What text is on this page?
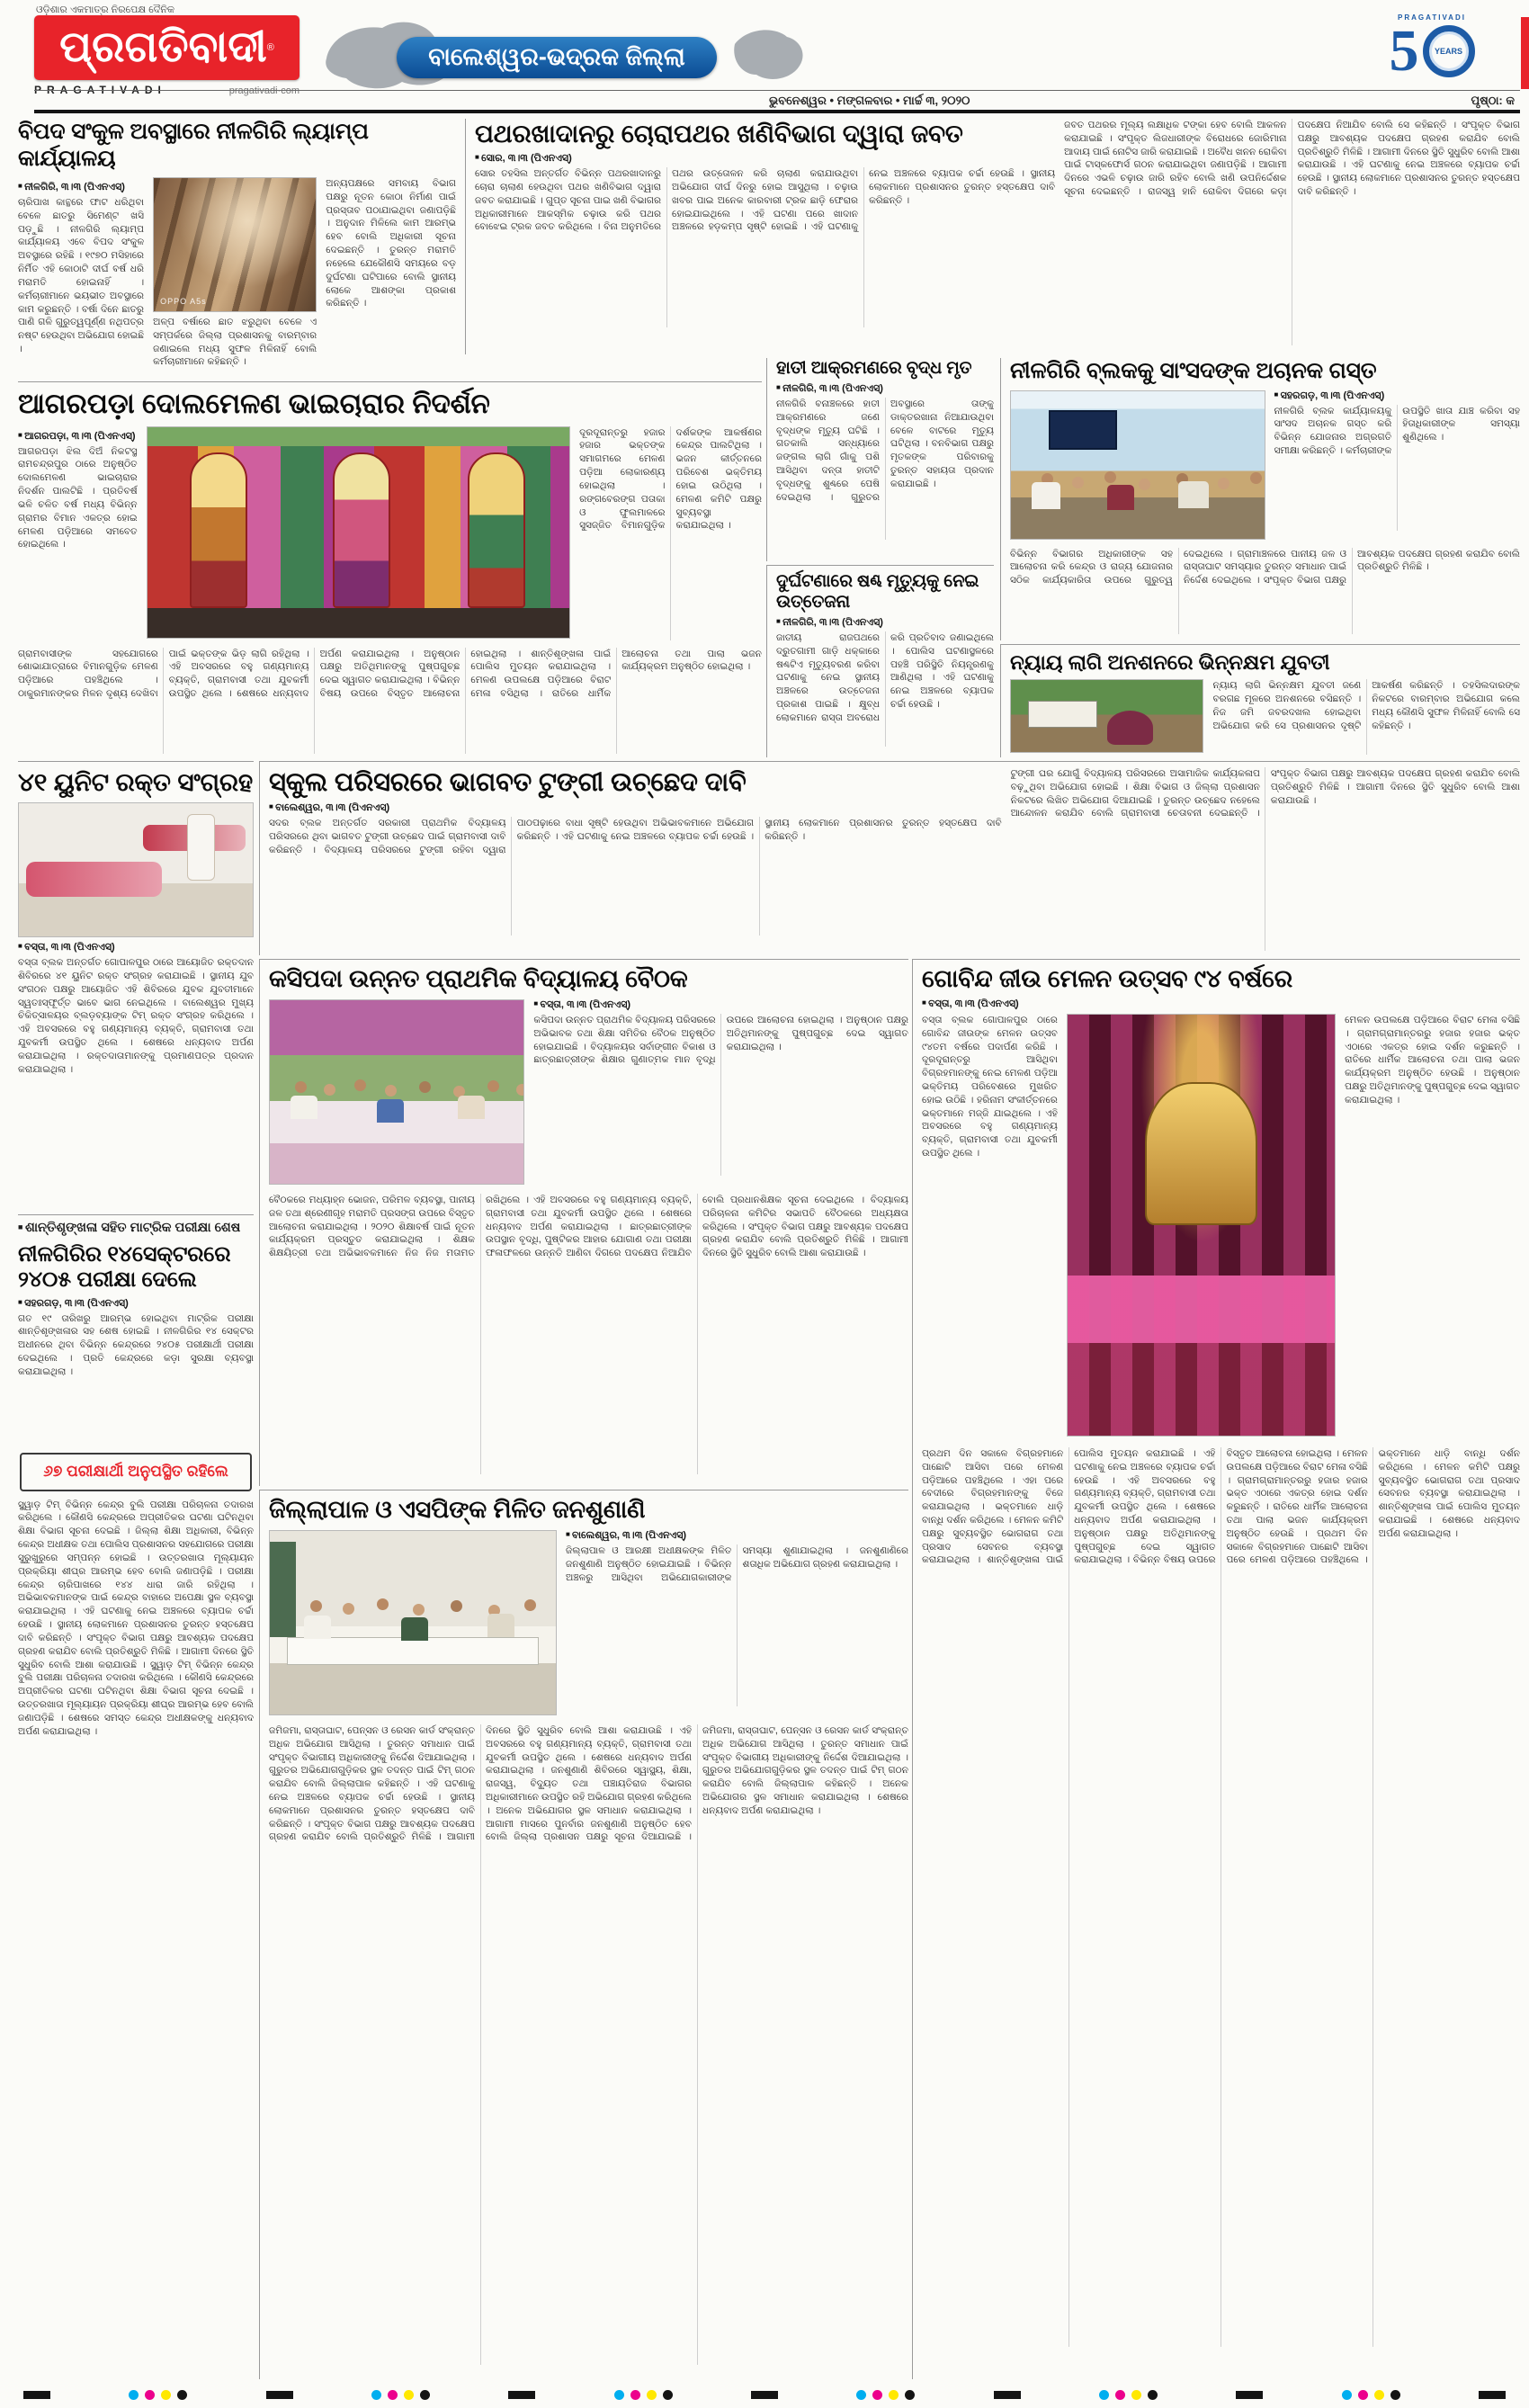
ଓଡ଼ିଶାର ଏକମାତ୍ର ନିରପେକ୍ଷ ଦୈନିକ
ପ୍ରଗତିବାଦୀ ®
PRAGATIVADI	pragativadi·com
ବାଲେଶ୍ୱର-ଭଦ୍ରକ ଜିଲ୍ଲା
PRAGATIVADI
5 YEARS
ଭୁବନେଶ୍ୱର • ମଙ୍ଗଳବାର • ମାର୍ଚ୍ଚ ୩, ୨୦୨୦	ପୃଷ୍ଠା: କ
ବିପଦ ସଂକୁଳ ଅବସ୍ଥାରେ ନୀଳଗିରି ଲ୍ୟାମ୍ପ କାର୍ଯ୍ୟାଳୟ
■ ନୀଳଗିରି, ୩।୩ (ପିଏନଏସ୍)
ଚାରିପାଖ କାନ୍ଥରେ ଫାଟ ଧରିଥିବା ବେଳେ ଛାତରୁ ସିମେଣ୍ଟ ଖସି ପଡ଼ୁଛି । ନୀଳଗିରି ଲ୍ୟାମ୍ପ କାର୍ଯ୍ୟାଳୟ ଏବେ ବିପଦ ସଂକୁଳ ଅବସ୍ଥାରେ ରହିଛି । ୧୯୭୦ ମସିହାରେ ନିର୍ମିତ ଏହି କୋଠାଟି ଦୀର୍ଘ ବର୍ଷ ଧରି ମରାମତି ହୋଇନାହିଁ । କର୍ମଚାରୀମାନେ ଭୟଭୀତ ଅବସ୍ଥାରେ କାମ କରୁଛନ୍ତି । ବର୍ଷା ଦିନେ ଛାତରୁ ପାଣି ଗଳି ଗୁରୁତ୍ୱପୂର୍ଣ୍ଣ ନଥିପତ୍ର ନଷ୍ଟ ହେଉଥିବା ଅଭିଯୋଗ ହୋଇଛି ।
OPPO A5s
ଅଳ୍ପ ବର୍ଷାରେ ଛାତ ଝରୁଥିବା ବେଳେ ଏ ସମ୍ପର୍କରେ ଜିଲ୍ଲା ପ୍ରଶାସନକୁ ବାରମ୍ବାର ଜଣାଇଲେ ମଧ୍ୟ ସୁଫଳ ମିଳିନାହିଁ ବୋଲି କର୍ମଚାରୀମାନେ କହିଛନ୍ତି ।
ଅନ୍ୟପକ୍ଷରେ ସମବାୟ ବିଭାଗ ପକ୍ଷରୁ ନୂତନ କୋଠା ନିର୍ମାଣ ପାଇଁ ପ୍ରସ୍ତାବ ପଠାଯାଇଥିବା ଜଣାପଡ଼ିଛି । ଅନୁଦାନ ମିଳିଲେ କାମ ଆରମ୍ଭ ହେବ ବୋଲି ଅଧିକାରୀ ସୂଚନା ଦେଇଛନ୍ତି । ତୁରନ୍ତ ମରାମତି ନହେଲେ ଯେକୌଣସି ସମୟରେ ବଡ଼ ଦୁର୍ଘଟଣା ଘଟିପାରେ ବୋଲି ସ୍ଥାନୀୟ ଲୋକେ ଆଶଙ୍କା ପ୍ରକାଶ କରିଛନ୍ତି ।
ପଥରଖାଦାନରୁ ଚୋରାପଥର ଖଣିବିଭାଗ ଦ୍ୱାରା ଜବତ
■ ସୋର, ୩।୩ (ପିଏନଏସ୍)
ସୋର ତହସିଲ ଅନ୍ତର୍ଗତ ବିଭିନ୍ନ ପଥରଖାଦାନରୁ ଚୋରା ଚାଲାଣ ହେଉଥିବା ପଥର ଖଣିବିଭାଗ ଦ୍ୱାରା ଜବତ କରାଯାଇଛି । ଗୁପ୍ତ ସୂଚନା ପାଇ ଖଣି ବିଭାଗର ଅଧିକାରୀମାନେ ଆକସ୍ମିକ ଚଢ଼ାଉ କରି ପଥର ବୋଝେଇ ଟ୍ରକ ଜବତ କରିଥିଲେ । ବିନା ଅନୁମତିରେ ପଥର ଉତ୍ତୋଳନ କରି ଚାଲାଣ କରାଯାଉଥିବା ଅଭିଯୋଗ ଦୀର୍ଘ ଦିନରୁ ହୋଇ ଆସୁଥିଲା । ଚଢ଼ାଉ ଖବର ପାଇ ଅନେକ କାରବାରୀ ଟ୍ରକ ଛାଡ଼ି ଫେରାର ହୋଇଯାଇଥିଲେ । ଏହି ଘଟଣା ପରେ ଖାଦାନ ଅଞ୍ଚଳରେ ହଡ଼କମ୍ପ ସୃଷ୍ଟି ହୋଇଛି । ଏହି ଘଟଣାକୁ ନେଇ ଅଞ୍ଚଳରେ ବ୍ୟାପକ ଚର୍ଚ୍ଚା ହେଉଛି । ସ୍ଥାନୀୟ ଲୋକମାନେ ପ୍ରଶାସନର ତୁରନ୍ତ ହସ୍ତକ୍ଷେପ ଦାବି କରିଛନ୍ତି ।
ଜବତ ପଥରର ମୂଲ୍ୟ ଲକ୍ଷାଧିକ ଟଙ୍କା ହେବ ବୋଲି ଆକଳନ କରାଯାଇଛି । ସଂପୃକ୍ତ ଲିଜଧାରୀଙ୍କ ବିରୋଧରେ ଜୋରିମାନା ଆଦାୟ ପାଇଁ ନୋଟିସ ଜାରି କରାଯାଇଛି । ଅବୈଧ ଖନନ ରୋକିବା ପାଇଁ ଟାସ୍କଫୋର୍ସ ଗଠନ କରାଯାଇଥିବା ଜଣାପଡ଼ିଛି । ଆଗାମୀ ଦିନରେ ଏଭଳି ଚଢ଼ାଉ ଜାରି ରହିବ ବୋଲି ଖଣି ଉପନିର୍ଦ୍ଦେଶକ ସୂଚନା ଦେଇଛନ୍ତି । ରାଜସ୍ୱ ହାନି ରୋକିବା ଦିଗରେ କଡ଼ା ପଦକ୍ଷେପ ନିଆଯିବ ବୋଲି ସେ କହିଛନ୍ତି । ସଂପୃକ୍ତ ବିଭାଗ ପକ୍ଷରୁ ଆବଶ୍ୟକ ପଦକ୍ଷେପ ଗ୍ରହଣ କରାଯିବ ବୋଲି ପ୍ରତିଶ୍ରୁତି ମିଳିଛି । ଆଗାମୀ ଦିନରେ ସ୍ଥିତି ସୁଧୁରିବ ବୋଲି ଆଶା କରାଯାଉଛି । ଏହି ଘଟଣାକୁ ନେଇ ଅଞ୍ଚଳରେ ବ୍ୟାପକ ଚର୍ଚ୍ଚା ହେଉଛି । ସ୍ଥାନୀୟ ଲୋକମାନେ ପ୍ରଶାସନର ତୁରନ୍ତ ହସ୍ତକ୍ଷେପ ଦାବି କରିଛନ୍ତି ।
ଆଗରପଡ଼ା ଦୋଲମେଳଣ ଭାଇଚାରାର ନିଦର୍ଶନ
■ ଆଗରପଡ଼ା, ୩।୩ (ପିଏନଏସ୍)
ଆଗରପଡ଼ା ଝିଲ ଦିଅଁ ନିକଟସ୍ଥ ରାମଚନ୍ଦ୍ରପୁର ଠାରେ ଅନୁଷ୍ଠିତ ଦୋଲମେଳଣ ଭାଇଚାରାର ନିଦର୍ଶନ ପାଲଟିଛି । ପ୍ରତିବର୍ଷ ଭଳି ଚଳିତ ବର୍ଷ ମଧ୍ୟ ବିଭିନ୍ନ ଗ୍ରାମର ବିମାନ ଏକତ୍ର ହୋଇ ମେଳଣ ପଡ଼ିଆରେ ସମବେତ ହୋଇଥିଲେ ।
ଦୂରଦୂରାନ୍ତରୁ ହଜାର ହଜାର ଭକ୍ତଙ୍କ ସମାଗମରେ ମେଳଣ ପଡ଼ିଆ ଲୋକାରଣ୍ୟ ହୋଇଥିଲା । ରଙ୍ଗବେରଙ୍ଗ ପତାକା ଓ ଫୁଲମାଳରେ ସୁସଜ୍ଜିତ ବିମାନଗୁଡ଼ିକ ଦର୍ଶକଙ୍କ ଆକର୍ଷଣର କେନ୍ଦ୍ର ପାଲଟିଥିଲା । ଭଜନ କୀର୍ତ୍ତନରେ ପରିବେଶ ଭକ୍ତିମୟ ହୋଇ ଉଠିଥିଲା । ମେଳଣ କମିଟି ପକ୍ଷରୁ ସୁବ୍ୟବସ୍ଥା କରାଯାଇଥିଲା ।
ଗ୍ରାମବାସୀଙ୍କ ସହଯୋଗରେ ଶୋଭାଯାତ୍ରାରେ ବିମାନଗୁଡ଼ିକ ମେଳଣ ପଡ଼ିଆରେ ପହଞ୍ଚିଥିଲେ । ଠାକୁରମାନଙ୍କର ମିଳନ ଦୃଶ୍ୟ ଦେଖିବା ପାଇଁ ଭକ୍ତଙ୍କ ଭିଡ଼ ଲାଗି ରହିଥିଲା । ଏହି ଅବସରରେ ବହୁ ଗଣ୍ୟମାନ୍ୟ ବ୍ୟକ୍ତି, ଗ୍ରାମବାସୀ ତଥା ଯୁବକର୍ମୀ ଉପସ୍ଥିତ ଥିଲେ । ଶେଷରେ ଧନ୍ୟବାଦ ଅର୍ପଣ କରାଯାଇଥିଲା । ଅନୁଷ୍ଠାନ ପକ୍ଷରୁ ଅତିଥିମାନଙ୍କୁ ପୁଷ୍ପଗୁଚ୍ଛ ଦେଇ ସ୍ୱାଗତ କରାଯାଇଥିଲା । ବିଭିନ୍ନ ବିଷୟ ଉପରେ ବିସ୍ତୃତ ଆଲୋଚନା ହୋଇଥିଲା । ଶାନ୍ତିଶୃଙ୍ଖଳା ପାଇଁ ପୋଲିସ ମୁତୟନ କରାଯାଇଥିଲା । ମେଳଣ ଉପଲକ୍ଷେ ପଡ଼ିଆରେ ବିରାଟ ମେଳା ବସିଥିଲା । ରାତିରେ ଧାର୍ମିକ ଆଲୋଚନା ତଥା ପାଲା ଭଜନ କାର୍ଯ୍ୟକ୍ରମ ଅନୁଷ୍ଠିତ ହୋଇଥିଲା ।
ହାତୀ ଆକ୍ରମଣରେ ବୃଦ୍ଧ ମୃତ
■ ନୀଳଗିରି, ୩।୩ (ପିଏନଏସ୍)
ନୀଳଗିରି ବନାଞ୍ଚଳରେ ହାତୀ ଆକ୍ରମଣରେ ଜଣେ ବୃଦ୍ଧଙ୍କ ମୃତ୍ୟୁ ଘଟିଛି । ଗତକାଲି ସନ୍ଧ୍ୟାରେ ଜଙ୍ଗଲ ଲାଗି ଗାଁକୁ ପଶି ଆସିଥିବା ଦନ୍ତା ହାତୀଟି ବୃଦ୍ଧଙ୍କୁ ଶୁଣ୍ଢରେ ପେଷି ଦେଇଥିଲା । ଗୁରୁତର ଅବସ୍ଥାରେ ତାଙ୍କୁ ଡାକ୍ତରଖାନା ନିଆଯାଉଥିବା ବେଳେ ବାଟରେ ମୃତ୍ୟୁ ଘଟିଥିଲା । ବନବିଭାଗ ପକ୍ଷରୁ ମୃତକଙ୍କ ପରିବାରକୁ ତୁରନ୍ତ ସହାୟତା ପ୍ରଦାନ କରାଯାଇଛି ।
ଦୁର୍ଘଟଣାରେ ଷଣ୍ଢ ମୃତ୍ୟୁକୁ ନେଇ ଉତ୍ତେଜନା
■ ନୀଳଗିରି, ୩।୩ (ପିଏନଏସ୍)
ଜାତୀୟ ରାଜପଥରେ ଦ୍ରୁତଗାମୀ ଗାଡ଼ି ଧକ୍କାରେ ଷଣ୍ଢଟିଏ ମୃତ୍ୟୁବରଣ କରିବା ଘଟଣାକୁ ନେଇ ସ୍ଥାନୀୟ ଅଞ୍ଚଳରେ ଉତ୍ତେଜନା ପ୍ରକାଶ ପାଇଛି । କ୍ଷୁବ୍ଧ ଲୋକମାନେ ରାସ୍ତା ଅବରୋଧ କରି ପ୍ରତିବାଦ ଜଣାଇଥିଲେ । ପୋଲିସ ଘଟଣାସ୍ଥଳରେ ପହଞ୍ଚି ପରିସ୍ଥିତି ନିୟନ୍ତ୍ରଣକୁ ଆଣିଥିଲା । ଏହି ଘଟଣାକୁ ନେଇ ଅଞ୍ଚଳରେ ବ୍ୟାପକ ଚର୍ଚ୍ଚା ହେଉଛି ।
ନୀଳଗିରି ବ୍ଲକକୁ ସାଂସଦଙ୍କ ଅଚାନକ ଗସ୍ତ
■ ସହରଗଡ଼, ୩।୩ (ପିଏନଏସ୍)
ନୀଳଗିରି ବ୍ଲକ କାର୍ଯ୍ୟାଳୟକୁ ସାଂସଦ ଅଚାନକ ଗସ୍ତ କରି ବିଭିନ୍ନ ଯୋଜନାର ଅଗ୍ରଗତି ସମୀକ୍ଷା କରିଛନ୍ତି । କର୍ମଚାରୀଙ୍କ ଉପସ୍ଥିତି ଖାତା ଯାଞ୍ଚ କରିବା ସହ ହିତାଧିକାରୀଙ୍କ ସମସ୍ୟା ଶୁଣିଥିଲେ ।
ବିଭିନ୍ନ ବିଭାଗର ଅଧିକାରୀଙ୍କ ସହ ଆଲୋଚନା କରି କେନ୍ଦ୍ର ଓ ରାଜ୍ୟ ଯୋଜନାର ସଠିକ କାର୍ଯ୍ୟକାରିତା ଉପରେ ଗୁରୁତ୍ୱ ଦେଇଥିଲେ । ଗ୍ରାମାଞ୍ଚଳରେ ପାନୀୟ ଜଳ ଓ ରାସ୍ତାଘାଟ ସମସ୍ୟାର ତୁରନ୍ତ ସମାଧାନ ପାଇଁ ନିର୍ଦ୍ଦେଶ ଦେଇଥିଲେ । ସଂପୃକ୍ତ ବିଭାଗ ପକ୍ଷରୁ ଆବଶ୍ୟକ ପଦକ୍ଷେପ ଗ୍ରହଣ କରାଯିବ ବୋଲି ପ୍ରତିଶ୍ରୁତି ମିଳିଛି ।
ନ୍ୟାୟ ଲାଗି ଅନଶନରେ ଭିନ୍ନକ୍ଷମ ଯୁବତୀ
ନ୍ୟାୟ ଲାଗି ଭିନ୍ନକ୍ଷମ ଯୁବତୀ ଜଣେ ବରଗଛ ମୂଳରେ ଅନଶନରେ ବସିଛନ୍ତି । ନିଜ ଜମି ଜବରଦଖଲ ହୋଇଥିବା ଅଭିଯୋଗ କରି ସେ ପ୍ରଶାସନର ଦୃଷ୍ଟି ଆକର୍ଷଣ କରିଛନ୍ତି । ତହସିଲଦାରଙ୍କ ନିକଟରେ ବାରମ୍ବାର ଅଭିଯୋଗ କଲେ ମଧ୍ୟ କୌଣସି ସୁଫଳ ମିଳିନାହିଁ ବୋଲି ସେ କହିଛନ୍ତି ।
୪୧ ୟୁନିଟ ରକ୍ତ ସଂଗ୍ରହ
■ ବସ୍ତା, ୩।୩ (ପିଏନଏସ୍)
ବସ୍ତା ବ୍ଲକ ଅନ୍ତର୍ଗତ ଗୋପାଳପୁର ଠାରେ ଆୟୋଜିତ ରକ୍ତଦାନ ଶିବିରରେ ୪୧ ୟୁନିଟ ରକ୍ତ ସଂଗ୍ରହ କରାଯାଇଛି । ସ୍ଥାନୀୟ ଯୁବ ସଂଗଠନ ପକ୍ଷରୁ ଆୟୋଜିତ ଏହି ଶିବିରରେ ଯୁବକ ଯୁବତୀମାନେ ସ୍ୱତଃସ୍ଫୂର୍ତ୍ତ ଭାବେ ଭାଗ ନେଇଥିଲେ । ବାଲେଶ୍ୱର ମୁଖ୍ୟ ଚିକିତ୍ସାଳୟର ବ୍ଲଡ଼ବ୍ୟାଙ୍କ ଟିମ୍ ରକ୍ତ ସଂଗ୍ରହ କରିଥିଲେ । ଏହି ଅବସରରେ ବହୁ ଗଣ୍ୟମାନ୍ୟ ବ୍ୟକ୍ତି, ଗ୍ରାମବାସୀ ତଥା ଯୁବକର୍ମୀ ଉପସ୍ଥିତ ଥିଲେ । ଶେଷରେ ଧନ୍ୟବାଦ ଅର୍ପଣ କରାଯାଇଥିଲା । ରକ୍ତଦାତାମାନଙ୍କୁ ପ୍ରମାଣପତ୍ର ପ୍ରଦାନ କରାଯାଇଥିଲା ।
ସ୍କୁଲ ପରିସରରେ ଭାଗବତ ଟୁଙ୍ଗୀ ଉଚ୍ଛେଦ ଦାବି
■ ବାଲେଶ୍ୱର, ୩।୩ (ପିଏନଏସ୍)
ସଦର ବ୍ଲକ ଅନ୍ତର୍ଗତ ସରକାରୀ ପ୍ରାଥମିକ ବିଦ୍ୟାଳୟ ପରିସରରେ ଥିବା ଭାଗବତ ଟୁଙ୍ଗୀ ଉଚ୍ଛେଦ ପାଇଁ ଗ୍ରାମବାସୀ ଦାବି କରିଛନ୍ତି । ବିଦ୍ୟାଳୟ ପରିସରରେ ଟୁଙ୍ଗୀ ରହିବା ଦ୍ୱାରା ପାଠପଢ଼ାରେ ବାଧା ସୃଷ୍ଟି ହେଉଥିବା ଅଭିଭାବକମାନେ ଅଭିଯୋଗ କରିଛନ୍ତି । ଏହି ଘଟଣାକୁ ନେଇ ଅଞ୍ଚଳରେ ବ୍ୟାପକ ଚର୍ଚ୍ଚା ହେଉଛି । ସ୍ଥାନୀୟ ଲୋକମାନେ ପ୍ରଶାସନର ତୁରନ୍ତ ହସ୍ତକ୍ଷେପ ଦାବି କରିଛନ୍ତି ।
ଟୁଙ୍ଗୀ ଘର ଯୋଗୁଁ ବିଦ୍ୟାଳୟ ପରିସରରେ ଅସାମାଜିକ କାର୍ଯ୍ୟକଳାପ ବଢ଼ୁଥିବା ଅଭିଯୋଗ ହୋଇଛି । ଶିକ୍ଷା ବିଭାଗ ଓ ଜିଲ୍ଲା ପ୍ରଶାସନ ନିକଟରେ ଲିଖିତ ଅଭିଯୋଗ ଦିଆଯାଇଛି । ତୁରନ୍ତ ଉଚ୍ଛେଦ ନହେଲେ ଆନ୍ଦୋଳନ କରାଯିବ ବୋଲି ଗ୍ରାମବାସୀ ଚେତାବନୀ ଦେଇଛନ୍ତି । ସଂପୃକ୍ତ ବିଭାଗ ପକ୍ଷରୁ ଆବଶ୍ୟକ ପଦକ୍ଷେପ ଗ୍ରହଣ କରାଯିବ ବୋଲି ପ୍ରତିଶ୍ରୁତି ମିଳିଛି । ଆଗାମୀ ଦିନରେ ସ୍ଥିତି ସୁଧୁରିବ ବୋଲି ଆଶା କରାଯାଉଛି ।
କସିପଦା ଉନ୍ନତ ପ୍ରାଥମିକ ବିଦ୍ୟାଳୟ ବୈଠକ
■ ବସ୍ତା, ୩।୩ (ପିଏନଏସ୍)
କସିପଦା ଉନ୍ନତ ପ୍ରାଥମିକ ବିଦ୍ୟାଳୟ ପରିସରରେ ଅଭିଭାବକ ତଥା ଶିକ୍ଷା ସମିତିର ବୈଠକ ଅନୁଷ୍ଠିତ ହୋଇଯାଇଛି । ବିଦ୍ୟାଳୟର ସର୍ବାଙ୍ଗୀନ ବିକାଶ ଓ ଛାତ୍ରଛାତ୍ରୀଙ୍କ ଶିକ୍ଷାର ଗୁଣାତ୍ମକ ମାନ ବୃଦ୍ଧି ଉପରେ ଆଲୋଚନା ହୋଇଥିଲା । ଅନୁଷ୍ଠାନ ପକ୍ଷରୁ ଅତିଥିମାନଙ୍କୁ ପୁଷ୍ପଗୁଚ୍ଛ ଦେଇ ସ୍ୱାଗତ କରାଯାଇଥିଲା ।
ବୈଠକରେ ମଧ୍ୟାହ୍ନ ଭୋଜନ, ପରିମଳ ବ୍ୟବସ୍ଥା, ପାନୀୟ ଜଳ ତଥା ଶ୍ରେଣୀଗୃହ ମରାମତି ପ୍ରସଙ୍ଗ ଉପରେ ବିସ୍ତୃତ ଆଲୋଚନା କରାଯାଇଥିଲା । ୨୦୨୦ ଶିକ୍ଷାବର୍ଷ ପାଇଁ ନୂତନ କାର୍ଯ୍ୟକ୍ରମ ପ୍ରସ୍ତୁତ କରାଯାଇଥିଲା । ଶିକ୍ଷକ ଶିକ୍ଷୟିତ୍ରୀ ତଥା ଅଭିଭାବକମାନେ ନିଜ ନିଜ ମତାମତ ରଖିଥିଲେ । ଏହି ଅବସରରେ ବହୁ ଗଣ୍ୟମାନ୍ୟ ବ୍ୟକ୍ତି, ଗ୍ରାମବାସୀ ତଥା ଯୁବକର୍ମୀ ଉପସ୍ଥିତ ଥିଲେ । ଶେଷରେ ଧନ୍ୟବାଦ ଅର୍ପଣ କରାଯାଇଥିଲା । ଛାତ୍ରଛାତ୍ରୀଙ୍କ ଉପସ୍ଥାନ ବୃଦ୍ଧି, ପୁଷ୍ଟିକର ଆହାର ଯୋଗାଣ ତଥା ପରୀକ୍ଷା ଫଳାଫଳରେ ଉନ୍ନତି ଆଣିବା ଦିଗରେ ପଦକ୍ଷେପ ନିଆଯିବ ବୋଲି ପ୍ରଧାନଶିକ୍ଷକ ସୂଚନା ଦେଇଥିଲେ । ବିଦ୍ୟାଳୟ ପରିଚାଳନା କମିଟିର ସଭାପତି ବୈଠକରେ ଅଧ୍ୟକ୍ଷତା କରିଥିଲେ । ସଂପୃକ୍ତ ବିଭାଗ ପକ୍ଷରୁ ଆବଶ୍ୟକ ପଦକ୍ଷେପ ଗ୍ରହଣ କରାଯିବ ବୋଲି ପ୍ରତିଶ୍ରୁତି ମିଳିଛି । ଆଗାମୀ ଦିନରେ ସ୍ଥିତି ସୁଧୁରିବ ବୋଲି ଆଶା କରାଯାଉଛି ।
ଜିଲ୍ଲାପାଳ ଓ ଏସପିଙ୍କ ମିଳିତ ଜନଶୁଣାଣି
■ ବାଲେଶ୍ୱର, ୩।୩ (ପିଏନଏସ୍)
ଜିଲ୍ଲାପାଳ ଓ ଆରକ୍ଷୀ ଅଧୀକ୍ଷକଙ୍କ ମିଳିତ ଜନଶୁଣାଣି ଅନୁଷ୍ଠିତ ହୋଇଯାଇଛି । ବିଭିନ୍ନ ଅଞ୍ଚଳରୁ ଆସିଥିବା ଅଭିଯୋଗକାରୀଙ୍କ ସମସ୍ୟା ଶୁଣାଯାଇଥିଲା । ଜନଶୁଣାଣିରେ ଶତାଧିକ ଅଭିଯୋଗ ଗ୍ରହଣ କରାଯାଇଥିଲା ।
ଜମିଜମା, ରାସ୍ତାଘାଟ, ପେନ୍ସନ ଓ ରେସନ କାର୍ଡ ସଂକ୍ରାନ୍ତ ଅଧିକ ଅଭିଯୋଗ ଆସିଥିଲା । ତୁରନ୍ତ ସମାଧାନ ପାଇଁ ସଂପୃକ୍ତ ବିଭାଗୀୟ ଅଧିକାରୀଙ୍କୁ ନିର୍ଦ୍ଦେଶ ଦିଆଯାଇଥିଲା । ଗୁରୁତର ଅଭିଯୋଗଗୁଡ଼ିକର ସ୍ଥଳ ତଦନ୍ତ ପାଇଁ ଟିମ୍ ଗଠନ କରାଯିବ ବୋଲି ଜିଲ୍ଲାପାଳ କହିଛନ୍ତି । ଏହି ଘଟଣାକୁ ନେଇ ଅଞ୍ଚଳରେ ବ୍ୟାପକ ଚର୍ଚ୍ଚା ହେଉଛି । ସ୍ଥାନୀୟ ଲୋକମାନେ ପ୍ରଶାସନର ତୁରନ୍ତ ହସ୍ତକ୍ଷେପ ଦାବି କରିଛନ୍ତି । ସଂପୃକ୍ତ ବିଭାଗ ପକ୍ଷରୁ ଆବଶ୍ୟକ ପଦକ୍ଷେପ ଗ୍ରହଣ କରାଯିବ ବୋଲି ପ୍ରତିଶ୍ରୁତି ମିଳିଛି । ଆଗାମୀ ଦିନରେ ସ୍ଥିତି ସୁଧୁରିବ ବୋଲି ଆଶା କରାଯାଉଛି । ଏହି ଅବସରରେ ବହୁ ଗଣ୍ୟମାନ୍ୟ ବ୍ୟକ୍ତି, ଗ୍ରାମବାସୀ ତଥା ଯୁବକର୍ମୀ ଉପସ୍ଥିତ ଥିଲେ । ଶେଷରେ ଧନ୍ୟବାଦ ଅର୍ପଣ କରାଯାଇଥିଲା । ଜନଶୁଣାଣି ଶିବିରରେ ସ୍ୱାସ୍ଥ୍ୟ, ଶିକ୍ଷା, ରାଜସ୍ୱ, ବିଦ୍ୟୁତ ତଥା ପଞ୍ଚାୟତିରାଜ ବିଭାଗର ଅଧିକାରୀମାନେ ଉପସ୍ଥିତ ରହି ଅଭିଯୋଗ ଗ୍ରହଣ କରିଥିଲେ । ଅନେକ ଅଭିଯୋଗର ସ୍ଥଳ ସମାଧାନ କରାଯାଇଥିଲା । ଆଗାମୀ ମାସରେ ପୁନର୍ବାର ଜନଶୁଣାଣି ଅନୁଷ୍ଠିତ ହେବ ବୋଲି ଜିଲ୍ଲା ପ୍ରଶାସନ ପକ୍ଷରୁ ସୂଚନା ଦିଆଯାଇଛି । ଜମିଜମା, ରାସ୍ତାଘାଟ, ପେନ୍ସନ ଓ ରେସନ କାର୍ଡ ସଂକ୍ରାନ୍ତ ଅଧିକ ଅଭିଯୋଗ ଆସିଥିଲା । ତୁରନ୍ତ ସମାଧାନ ପାଇଁ ସଂପୃକ୍ତ ବିଭାଗୀୟ ଅଧିକାରୀଙ୍କୁ ନିର୍ଦ୍ଦେଶ ଦିଆଯାଇଥିଲା । ଗୁରୁତର ଅଭିଯୋଗଗୁଡ଼ିକର ସ୍ଥଳ ତଦନ୍ତ ପାଇଁ ଟିମ୍ ଗଠନ କରାଯିବ ବୋଲି ଜିଲ୍ଲାପାଳ କହିଛନ୍ତି । ଅନେକ ଅଭିଯୋଗର ସ୍ଥଳ ସମାଧାନ କରାଯାଇଥିଲା । ଶେଷରେ ଧନ୍ୟବାଦ ଅର୍ପଣ କରାଯାଇଥିଲା ।
ଗୋବିନ୍ଦ ଜୀଉ ମେଳନ ଉତ୍ସବ ୯୪ ବର୍ଷରେ
■ ବସ୍ତା, ୩।୩ (ପିଏନଏସ୍)
ବସ୍ତା ବ୍ଲକ ଗୋପାଳପୁର ଠାରେ ଗୋବିନ୍ଦ ଜୀଉଙ୍କ ମେଳନ ଉତ୍ସବ ୯୪ତମ ବର୍ଷରେ ପଦାର୍ପଣ କରିଛି । ଦୂରଦୂରାନ୍ତରୁ ଆସିଥିବା ବିଗ୍ରହମାନଙ୍କୁ ନେଇ ମେଳଣ ପଡ଼ିଆ ଭକ୍ତିମୟ ପରିବେଶରେ ମୁଖରିତ ହୋଇ ଉଠିଛି । ହରିନାମ ସଂକୀର୍ତ୍ତନରେ ଭକ୍ତମାନେ ମଜ୍ଜି ଯାଇଥିଲେ । ଏହି ଅବସରରେ ବହୁ ଗଣ୍ୟମାନ୍ୟ ବ୍ୟକ୍ତି, ଗ୍ରାମବାସୀ ତଥା ଯୁବକର୍ମୀ ଉପସ୍ଥିତ ଥିଲେ ।
ମେଳନ ଉପଲକ୍ଷେ ପଡ଼ିଆରେ ବିରାଟ ମେଳା ବସିଛି । ଗ୍ରାମଗ୍ରାମାନ୍ତରରୁ ହଜାର ହଜାର ଭକ୍ତ ଏଠାରେ ଏକତ୍ର ହୋଇ ଦର୍ଶନ କରୁଛନ୍ତି । ରାତିରେ ଧାର୍ମିକ ଆଲୋଚନା ତଥା ପାଲା ଭଜନ କାର୍ଯ୍ୟକ୍ରମ ଅନୁଷ୍ଠିତ ହେଉଛି । ଅନୁଷ୍ଠାନ ପକ୍ଷରୁ ଅତିଥିମାନଙ୍କୁ ପୁଷ୍ପଗୁଚ୍ଛ ଦେଇ ସ୍ୱାଗତ କରାଯାଇଥିଲା ।
ପ୍ରଥମ ଦିନ ସକାଳେ ବିଗ୍ରହମାନେ ପାଛୋଟି ଆସିବା ପରେ ମେଳଣ ପଡ଼ିଆରେ ପହଞ୍ଚିଥିଲେ । ଏହା ପରେ ବେଦୀରେ ବିଗ୍ରହମାନଙ୍କୁ ବିଜେ କରାଯାଇଥିଲା । ଭକ୍ତମାନେ ଧାଡ଼ି ବାନ୍ଧି ଦର୍ଶନ କରିଥିଲେ । ମେଳନ କମିଟି ପକ୍ଷରୁ ସୁବ୍ୟବସ୍ଥିତ ଭୋଗରାଗ ତଥା ପ୍ରସାଦ ସେବନର ବ୍ୟବସ୍ଥା କରାଯାଇଥିଲା । ଶାନ୍ତିଶୃଙ୍ଖଳା ପାଇଁ ପୋଲିସ ମୁତୟନ କରାଯାଇଛି । ଏହି ଘଟଣାକୁ ନେଇ ଅଞ୍ଚଳରେ ବ୍ୟାପକ ଚର୍ଚ୍ଚା ହେଉଛି । ଏହି ଅବସରରେ ବହୁ ଗଣ୍ୟମାନ୍ୟ ବ୍ୟକ୍ତି, ଗ୍ରାମବାସୀ ତଥା ଯୁବକର୍ମୀ ଉପସ୍ଥିତ ଥିଲେ । ଶେଷରେ ଧନ୍ୟବାଦ ଅର୍ପଣ କରାଯାଇଥିଲା । ଅନୁଷ୍ଠାନ ପକ୍ଷରୁ ଅତିଥିମାନଙ୍କୁ ପୁଷ୍ପଗୁଚ୍ଛ ଦେଇ ସ୍ୱାଗତ କରାଯାଇଥିଲା । ବିଭିନ୍ନ ବିଷୟ ଉପରେ ବିସ୍ତୃତ ଆଲୋଚନା ହୋଇଥିଲା । ମେଳନ ଉପଲକ୍ଷେ ପଡ଼ିଆରେ ବିରାଟ ମେଳା ବସିଛି । ଗ୍ରାମଗ୍ରାମାନ୍ତରରୁ ହଜାର ହଜାର ଭକ୍ତ ଏଠାରେ ଏକତ୍ର ହୋଇ ଦର୍ଶନ କରୁଛନ୍ତି । ରାତିରେ ଧାର୍ମିକ ଆଲୋଚନା ତଥା ପାଲା ଭଜନ କାର୍ଯ୍ୟକ୍ରମ ଅନୁଷ୍ଠିତ ହେଉଛି । ପ୍ରଥମ ଦିନ ସକାଳେ ବିଗ୍ରହମାନେ ପାଛୋଟି ଆସିବା ପରେ ମେଳଣ ପଡ଼ିଆରେ ପହଞ୍ଚିଥିଲେ । ଭକ୍ତମାନେ ଧାଡ଼ି ବାନ୍ଧି ଦର୍ଶନ କରିଥିଲେ । ମେଳନ କମିଟି ପକ୍ଷରୁ ସୁବ୍ୟବସ୍ଥିତ ଭୋଗରାଗ ତଥା ପ୍ରସାଦ ସେବନର ବ୍ୟବସ୍ଥା କରାଯାଇଥିଲା । ଶାନ୍ତିଶୃଙ୍ଖଳା ପାଇଁ ପୋଲିସ ମୁତୟନ କରାଯାଇଛି । ଶେଷରେ ଧନ୍ୟବାଦ ଅର୍ପଣ କରାଯାଇଥିଲା ।
■ ଶାନ୍ତିଶୃଙ୍ଖଳା ସହିତ ମାଟ୍ରିକ ପରୀକ୍ଷା ଶେଷ
ନୀଳଗିରିର ୧୪ସେକ୍ଟରରେ ୨୪୦୫ ପରୀକ୍ଷା ଦେଲେ
■ ସହରଗଡ଼, ୩।୩ (ପିଏନଏସ୍)
ଗତ ୧୯ ତାରିଖରୁ ଆରମ୍ଭ ହୋଇଥିବା ମାଟ୍ରିକ ପରୀକ୍ଷା ଶାନ୍ତିଶୃଙ୍ଖଳାର ସହ ଶେଷ ହୋଇଛି । ନୀଳଗିରିର ୧୪ ସେକ୍ଟର ଅଧୀନରେ ଥିବା ବିଭିନ୍ନ କେନ୍ଦ୍ରରେ ୨୪୦୫ ପରୀକ୍ଷାର୍ଥୀ ପରୀକ୍ଷା ଦେଇଥିଲେ । ପ୍ରତି କେନ୍ଦ୍ରରେ କଡ଼ା ସୁରକ୍ଷା ବ୍ୟବସ୍ଥା କରାଯାଇଥିଲା ।
୬୭ ପରୀକ୍ଷାର୍ଥୀ ଅନୁପସ୍ଥିତ ରହିଲେ
ସ୍କ୍ୱାଡ଼ ଟିମ୍ ବିଭିନ୍ନ କେନ୍ଦ୍ର ବୁଲି ପରୀକ୍ଷା ପରିଚାଳନା ତଦାରଖ କରିଥିଲେ । କୌଣସି କେନ୍ଦ୍ରରେ ଅପ୍ରୀତିକର ଘଟଣା ଘଟିନଥିବା ଶିକ୍ଷା ବିଭାଗ ସୂଚନା ଦେଇଛି । ଜିଲ୍ଲା ଶିକ୍ଷା ଅଧିକାରୀ, ବିଭିନ୍ନ କେନ୍ଦ୍ର ଅଧୀକ୍ଷକ ତଥା ପୋଲିସ ପ୍ରଶାସନର ସହଯୋଗରେ ପରୀକ୍ଷା ସୁରୁଖୁରୁରେ ସମ୍ପନ୍ନ ହୋଇଛି । ଉତ୍ତରଖାତା ମୂଲ୍ୟାୟନ ପ୍ରକ୍ରିୟା ଶୀଘ୍ର ଆରମ୍ଭ ହେବ ବୋଲି ଜଣାପଡ଼ିଛି । ପରୀକ୍ଷା କେନ୍ଦ୍ର ଚାରିପାଖରେ ୧୪୪ ଧାରା ଜାରି ରହିଥିଲା । ଅଭିଭାବକମାନଙ୍କ ପାଇଁ କେନ୍ଦ୍ର ବାହାରେ ଅପେକ୍ଷା ସ୍ଥଳ ବ୍ୟବସ୍ଥା କରାଯାଇଥିଲା । ଏହି ଘଟଣାକୁ ନେଇ ଅଞ୍ଚଳରେ ବ୍ୟାପକ ଚର୍ଚ୍ଚା ହେଉଛି । ସ୍ଥାନୀୟ ଲୋକମାନେ ପ୍ରଶାସନର ତୁରନ୍ତ ହସ୍ତକ୍ଷେପ ଦାବି କରିଛନ୍ତି । ସଂପୃକ୍ତ ବିଭାଗ ପକ୍ଷରୁ ଆବଶ୍ୟକ ପଦକ୍ଷେପ ଗ୍ରହଣ କରାଯିବ ବୋଲି ପ୍ରତିଶ୍ରୁତି ମିଳିଛି । ଆଗାମୀ ଦିନରେ ସ୍ଥିତି ସୁଧୁରିବ ବୋଲି ଆଶା କରାଯାଉଛି । ସ୍କ୍ୱାଡ଼ ଟିମ୍ ବିଭିନ୍ନ କେନ୍ଦ୍ର ବୁଲି ପରୀକ୍ଷା ପରିଚାଳନା ତଦାରଖ କରିଥିଲେ । କୌଣସି କେନ୍ଦ୍ରରେ ଅପ୍ରୀତିକର ଘଟଣା ଘଟିନଥିବା ଶିକ୍ଷା ବିଭାଗ ସୂଚନା ଦେଇଛି । ଉତ୍ତରଖାତା ମୂଲ୍ୟାୟନ ପ୍ରକ୍ରିୟା ଶୀଘ୍ର ଆରମ୍ଭ ହେବ ବୋଲି ଜଣାପଡ଼ିଛି । ଶେଷରେ ସମସ୍ତ କେନ୍ଦ୍ର ଅଧୀକ୍ଷକଙ୍କୁ ଧନ୍ୟବାଦ ଅର୍ପଣ କରାଯାଇଥିଲା ।
